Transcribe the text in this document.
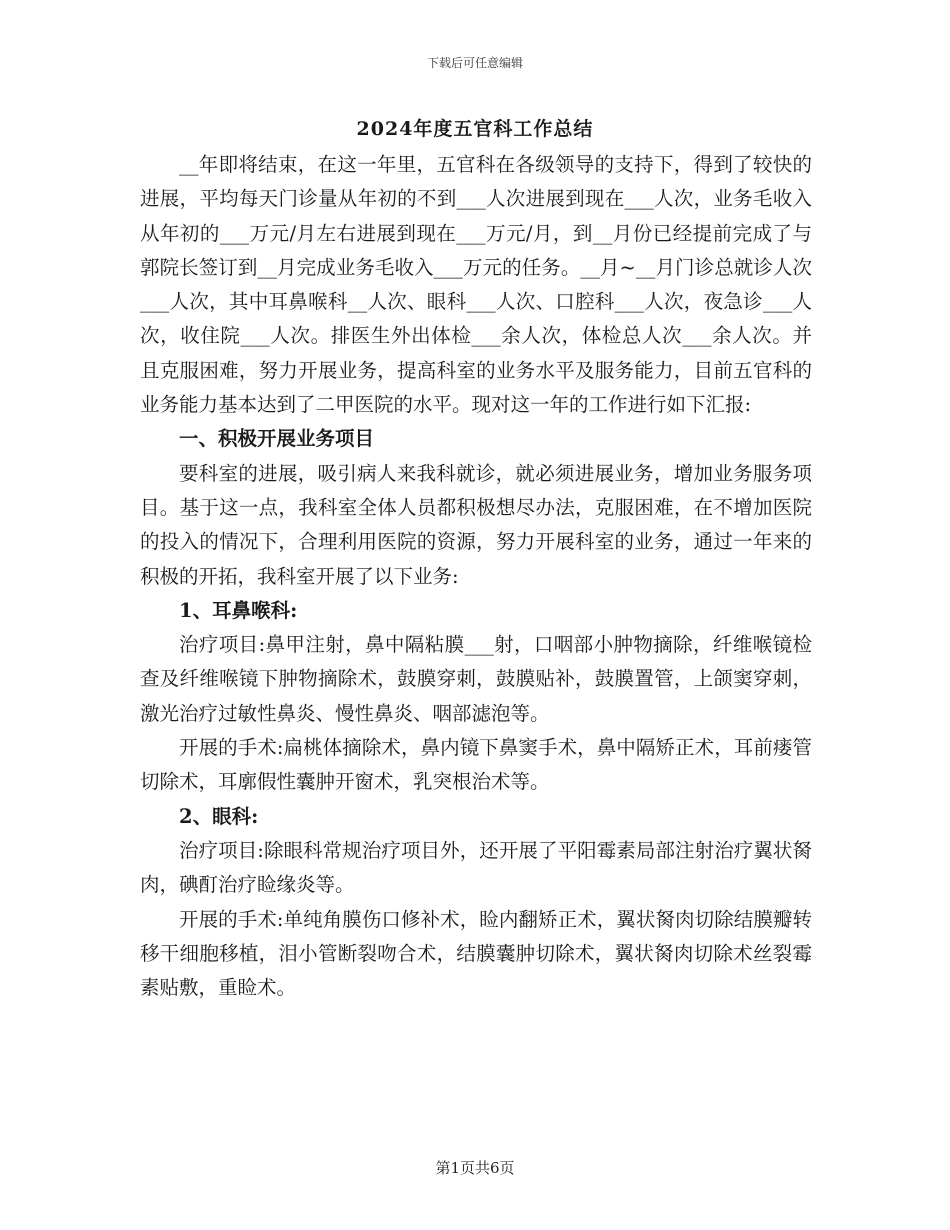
下载后可任意编辑
2024年度五官科工作总结

__年即将结束，在这一年里，五官科在各级领导的支持下，得到了较快的进展，平均每天门诊量从年初的不到___人次进展到现在___人次，业务毛收入从年初的___万元/月左右进展到现在___万元/月，到__月份已经提前完成了与郭院长签订到__月完成业务毛收入___万元的任务。__月~__月门诊总就诊人次___人次，其中耳鼻喉科__人次、眼科___人次、口腔科___人次，夜急诊___人次，收住院___人次。排医生外出体检___余人次，体检总人次___余人次。并且克服困难，努力开展业务，提高科室的业务水平及服务能力，目前五官科的业务能力基本达到了二甲医院的水平。现对这一年的工作进行如下汇报:

一、积极开展业务项目

要科室的进展，吸引病人来我科就诊，就必须进展业务，增加业务服务项目。基于这一点，我科室全体人员都积极想尽办法，克服困难，在不增加医院的投入的情况下，合理利用医院的资源，努力开展科室的业务，通过一年来的积极的开拓，我科室开展了以下业务:

1、耳鼻喉科:

治疗项目:鼻甲注射，鼻中隔粘膜___射，口咽部小肿物摘除，纤维喉镜检查及纤维喉镜下肿物摘除术，鼓膜穿刺，鼓膜贴补，鼓膜置管，上颌窦穿刺，激光治疗过敏性鼻炎、慢性鼻炎、咽部滤泡等。

开展的手术:扁桃体摘除术，鼻内镜下鼻窦手术，鼻中隔矫正术，耳前瘘管切除术，耳廓假性囊肿开窗术，乳突根治术等。

2、眼科:

治疗项目:除眼科常规治疗项目外，还开展了平阳霉素局部注射治疗翼状胬肉，碘酊治疗睑缘炎等。

开展的手术:单纯角膜伤口修补术，睑内翻矫正术，翼状胬肉切除结膜瓣转移干细胞移植，泪小管断裂吻合术，结膜囊肿切除术，翼状胬肉切除术丝裂霉素贴敷，重睑术。

第1页共6页
